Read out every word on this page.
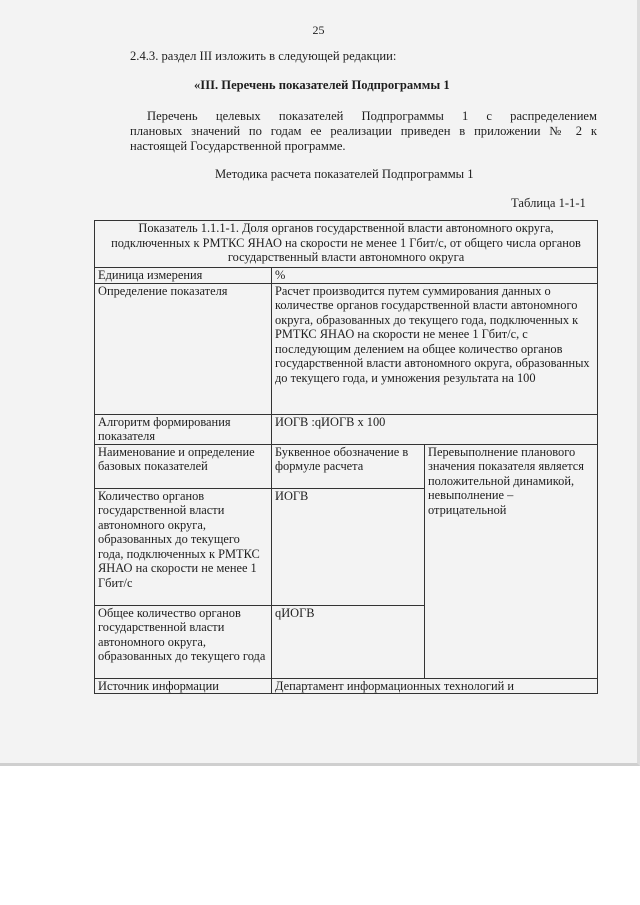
25
2.4.3. раздел III изложить в следующей редакции:
«III. Перечень показателей Подпрограммы 1
Перечень целевых показателей Подпрограммы 1 с распределением
плановых значений по годам ее реализации приведен в приложении № 2 к
настоящей Государственной программе.
Методика расчета показателей Подпрограммы 1
Таблица 1-1-1
Показатель 1.1.1-1. Доля органов государственной власти автономного округа, подключенных к РМТКС ЯНАО на скорости не менее 1 Гбит/с, от общего числа органов государственный власти автономного округа		
Единица измерения	%	
Определение показателя	Расчет производится путем суммирования данных о количестве органов государственной власти автономного округа, образованных до текущего года, подключенных к РМТКС ЯНАО на скорости не менее 1 Гбит/с, с последующим делением на общее количество органов государственной власти автономного округа, образованных до текущего года, и умножения результата на 100	
Алгоритм формирования показателя	ИОГВ :qИОГВ х 100	
Наименование и определение базовых показателей	Буквенное обозначение в формуле расчета	Перевыполнение планового значения показателя является положительной динамикой, невыполнение – отрицательной
Количество органов государственной власти автономного округа, образованных до текущего года, подключенных к РМТКС ЯНАО на скорости не менее 1 Гбит/с	ИОГВ	
Общее количество органов государственной власти автономного округа, образованных до текущего года	qИОГВ	
Источник информации	Департамент информационных технологий и	
